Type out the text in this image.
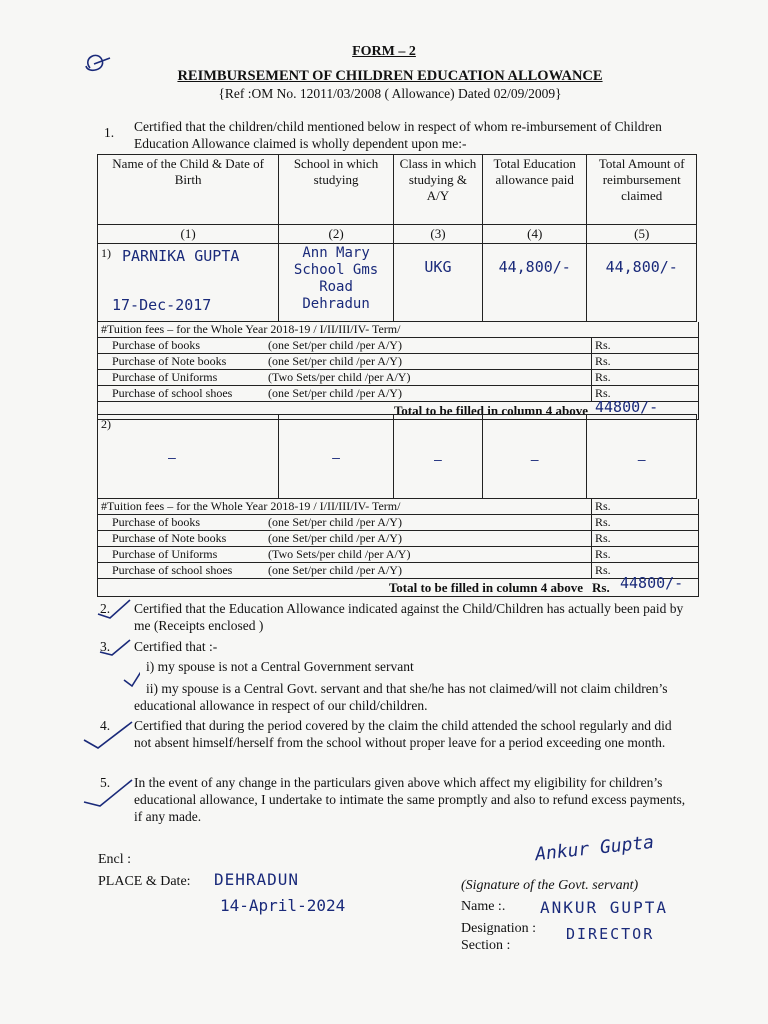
FORM – 2
REIMBURSEMENT OF CHILDREN EDUCATION ALLOWANCE
{Ref :OM No. 12011/03/2008 ( Allowance) Dated 02/09/2009}
1. Certified that the children/child mentioned below in respect of whom re-imbursement of Children Education Allowance claimed is wholly dependent upon me:-
Name of the Child & Date of Birth	School in which studying	Class in which studying & A/Y	Total Education allowance paid	Total Amount of reimbursement claimed
(1)	(2)	(3)	(4)	(5)
1) PARNIKA GUPTA
17-Dec-2017	Ann Mary School Gms Road Dehradun	UKG	44,800/-	44,800/-
#Tuition fees – for the Whole Year 2018-19 / I/II/III/IV- Term/
Purchase of books	(one Set/per child /per A/Y)	Rs.
Purchase of Note books	(one Set/per child /per A/Y)	Rs.
Purchase of Uniforms	(Two Sets/per child /per A/Y)	Rs.
Purchase of school shoes	(one Set/per child /per A/Y)	Rs.
Total to be filled in column 4 above 44800/-
2)
—	—	—	—	—
#Tuition fees – for the Whole Year 2018-19 / I/II/III/IV- Term/		Rs.
Purchase of books	(one Set/per child /per A/Y)	Rs.
Purchase of Note books	(one Set/per child /per A/Y)	Rs.
Purchase of Uniforms	(Two Sets/per child /per A/Y)	Rs.
Purchase of school shoes	(one Set/per child /per A/Y)	Rs.
Total to be filled in column 4 above Rs. 44800/-
2. Certified that the Education Allowance indicated against the Child/Children has actually been paid by me (Receipts enclosed )
3. Certified that :-
i) my spouse is not a Central Government servant
ii) my spouse is a Central Govt. servant and that she/he has not claimed/will not claim children’s educational allowance in respect of our child/children.
4. Certified that during the period covered by the claim the child attended the school regularly and did not absent himself/herself from the school without proper leave for a period exceeding one month.
5. In the event of any change in the particulars given above which affect my eligibility for children’s educational allowance, I undertake to intimate the same promptly and also to refund excess payments, if any made.
Encl :
PLACE & Date: DEHRADUN
14-April-2024
Ankur Gupta
(Signature of the Govt. servant)
Name :. ANKUR GUPTA
Designation : DIRECTOR
Section :
